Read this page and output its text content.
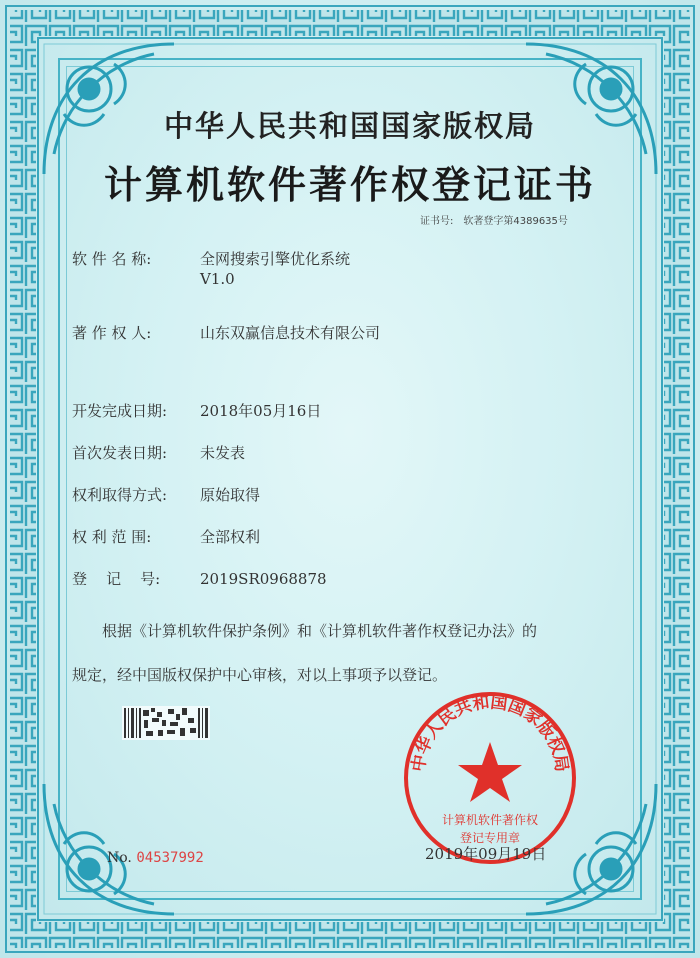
中华人民共和国国家版权局
计算机软件著作权登记证书
证书号: 软著登字第4389635号
软 件 名 称:	全网搜索引擎优化系统
V1.0
著 作 权 人:	山东双赢信息技术有限公司
开发完成日期: 2018年05月16日
首次发表日期: 未发表
权利取得方式: 原始取得
权 利 范 围:	全部权利
登    记    号:	2019SR0968878
根据《计算机软件保护条例》和《计算机软件著作权登记办法》的
规定，经中国版权保护中心审核，对以上事项予以登记。
No. 04537992
中华人民共和国国家版权局
计算机软件著作权
登记专用章
2019年09月19日
